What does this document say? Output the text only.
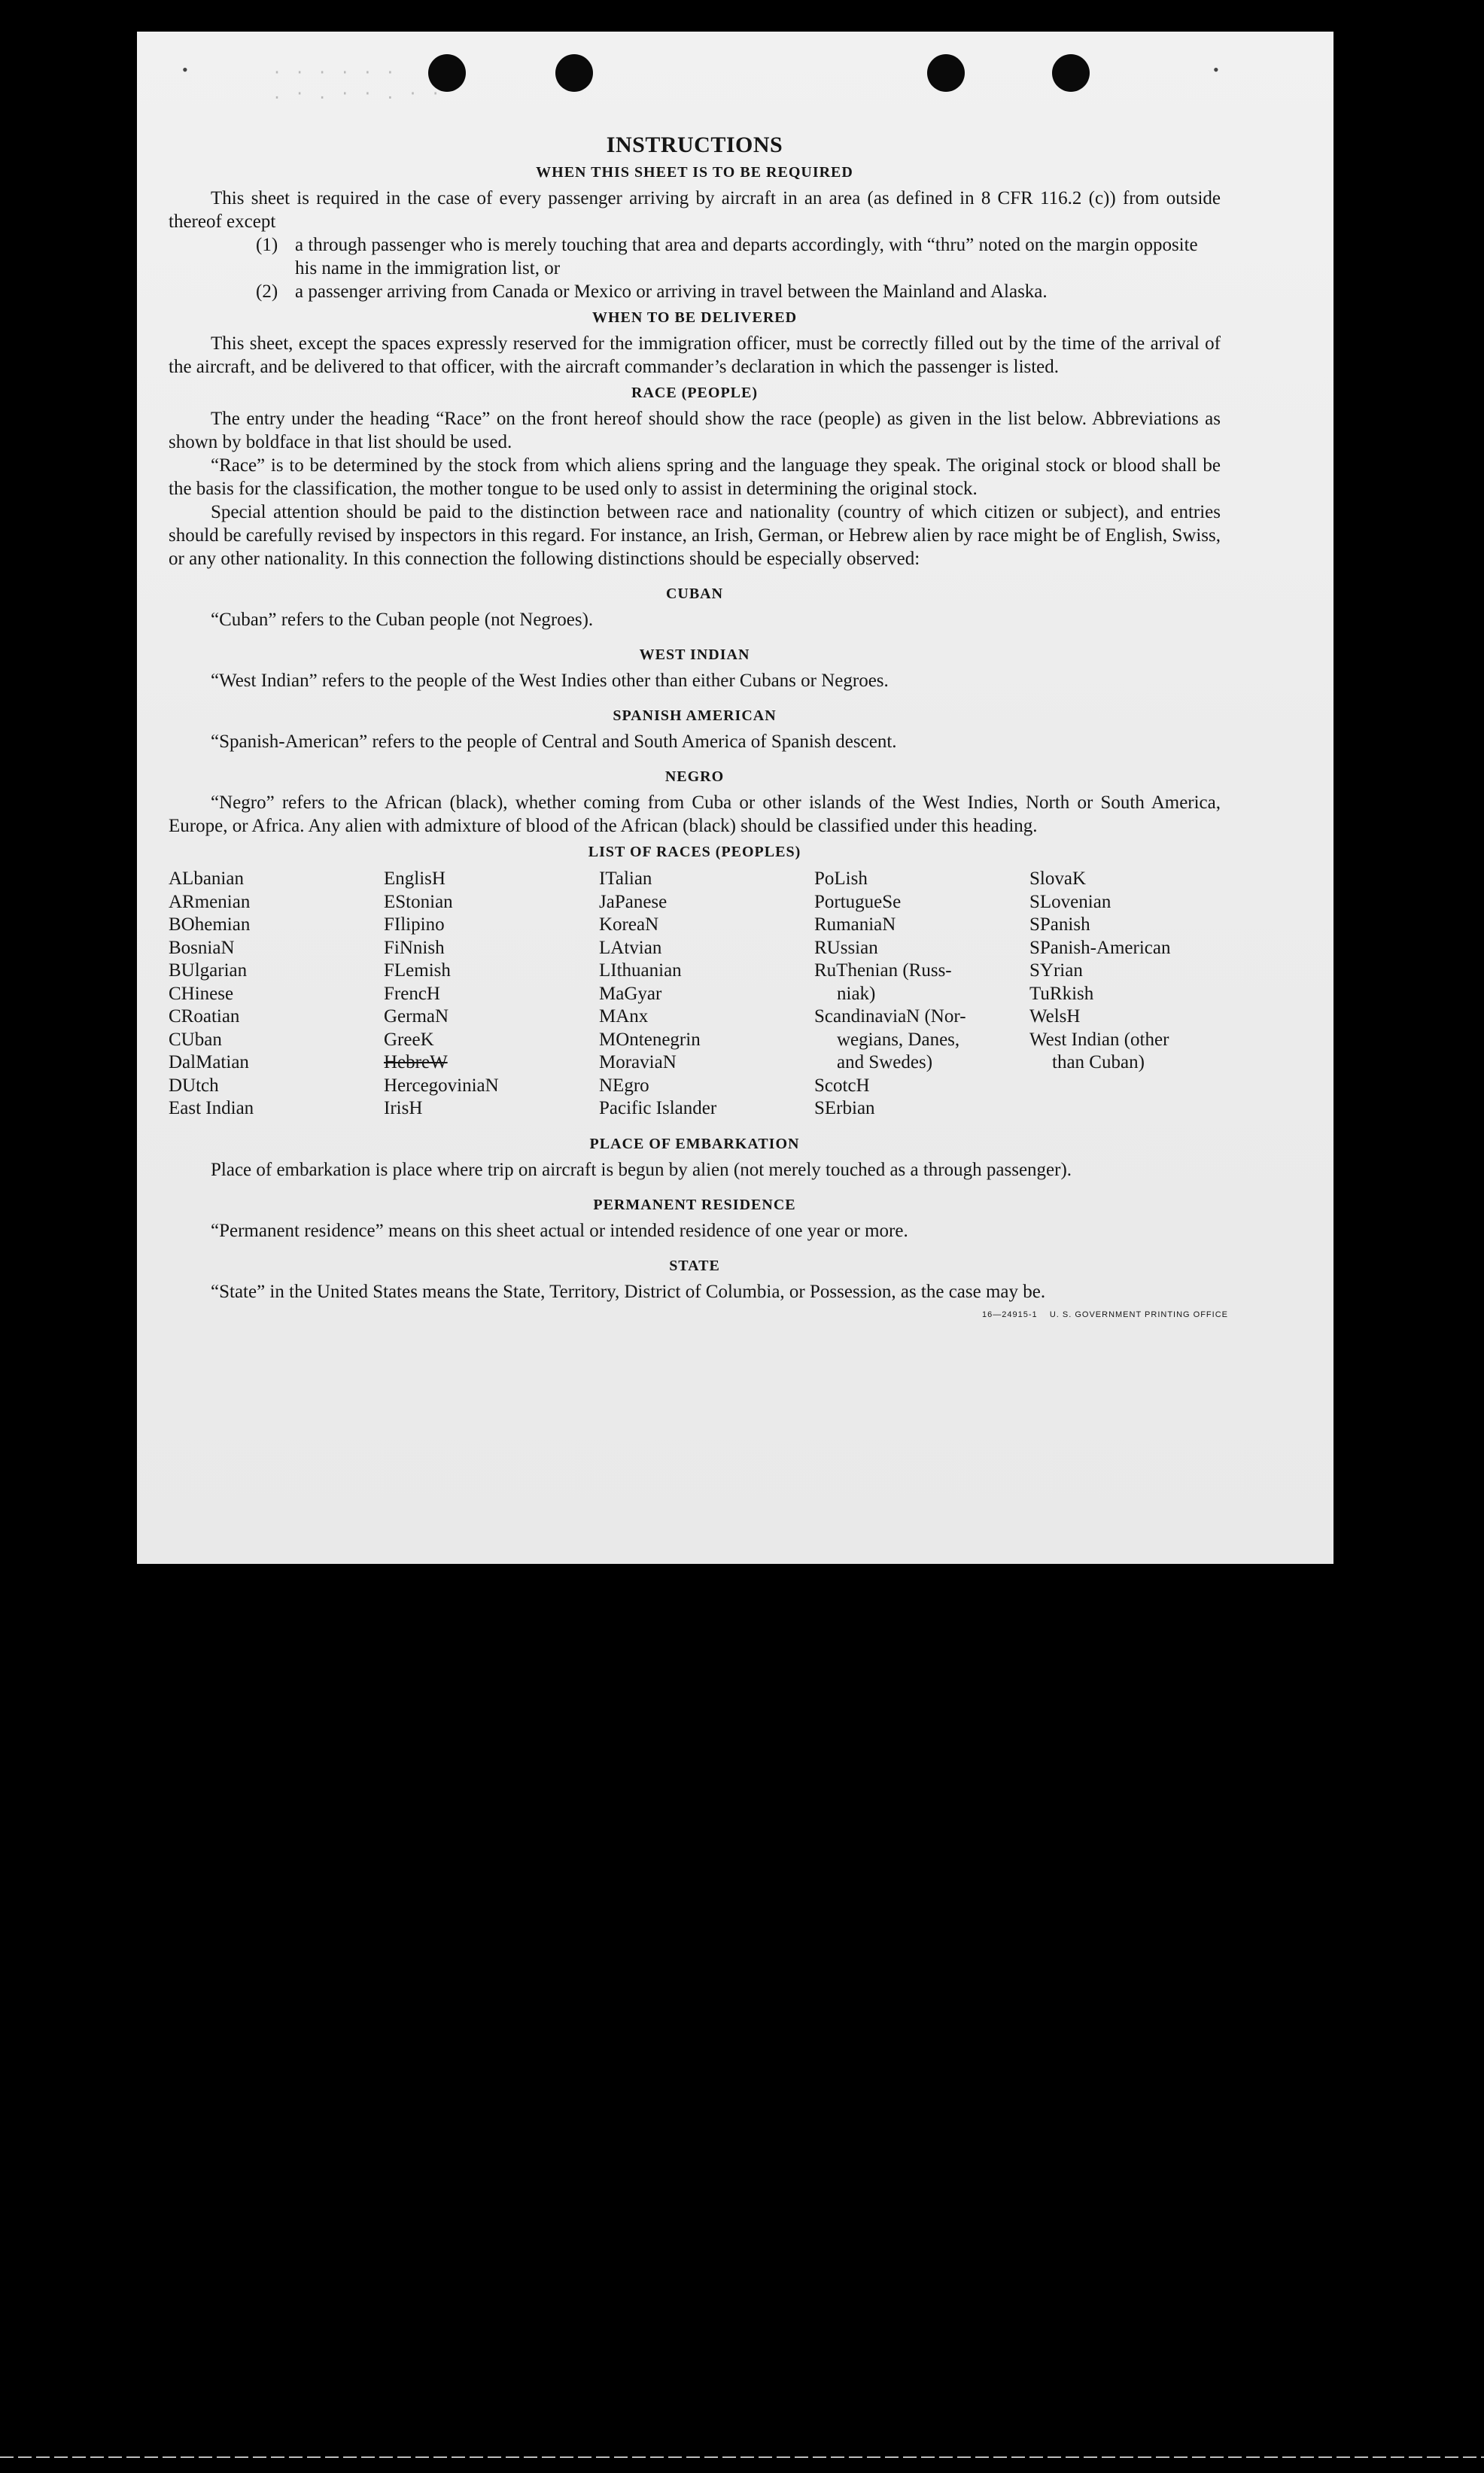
•	•
· · · · · ·
. · . · · . · ·
INSTRUCTIONS
WHEN THIS SHEET IS TO BE REQUIRED

This sheet is required in the case of every passenger arriving by aircraft in an area (as defined in 8 CFR 116.2 (c)) from outside thereof except

(1) a through passenger who is merely touching that area and departs accordingly, with “thru” noted on the margin opposite his name in the immigration list, or
(2) a passenger arriving from Canada or Mexico or arriving in travel between the Mainland and Alaska.
WHEN TO BE DELIVERED

This sheet, except the spaces expressly reserved for the immigration officer, must be correctly filled out by the time of the arrival of the aircraft, and be delivered to that officer, with the aircraft commander’s declaration in which the passenger is listed.

RACE (PEOPLE)

The entry under the heading “Race” on the front hereof should show the race (people) as given in the list below. Abbreviations as shown by boldface in that list should be used.

“Race” is to be determined by the stock from which aliens spring and the language they speak. The original stock or blood shall be the basis for the classification, the mother tongue to be used only to assist in determining the original stock.

Special attention should be paid to the distinction between race and nationality (country of which citizen or subject), and entries should be carefully revised by inspectors in this regard. For instance, an Irish, German, or Hebrew alien by race might be of English, Swiss, or any other nationality. In this connection the following distinctions should be especially observed:

CUBAN

“Cuban” refers to the Cuban people (not Negroes).

WEST INDIAN

“West Indian” refers to the people of the West Indies other than either Cubans or Negroes.

SPANISH AMERICAN

“Spanish-American” refers to the people of Central and South America of Spanish descent.

NEGRO

“Negro” refers to the African (black), whether coming from Cuba or other islands of the West Indies, North or South America, Europe, or Africa. Any alien with admixture of blood of the African (black) should be classified under this heading.

LIST OF RACES (PEOPLES)
ALbanian
ARmenian
BOhemian
BosniaN
BUlgarian
CHinese
CRoatian
CUban
DalMatian
DUtch
East Indian
EnglisH
EStonian
FIlipino
FiNnish
FLemish
FrencH
GermaN
GreeK
HebreW
HercegoviniaN
IrisH
ITalian
JaPanese
KoreaN
LAtvian
LIthuanian
MaGyar
MAnx
MOntenegrin
MoraviaN
NEgro
Pacific Islander
PoLish
PortugueSe
RumaniaN
RUssian
RuThenian (Russ-
niak)
ScandinaviaN (Nor-
wegians, Danes,
and Swedes)
ScotcH
SErbian
SlovaK
SLovenian
SPanish
SPanish-American
SYrian
TuRkish
WelsH
West Indian (other
than Cuban)
PLACE OF EMBARKATION

Place of embarkation is place where trip on aircraft is begun by alien (not merely touched as a through passenger).

PERMANENT RESIDENCE

“Permanent residence” means on this sheet actual or intended residence of one year or more.

STATE

“State” in the United States means the State, Territory, District of Columbia, or Possession, as the case may be.

16—24915-1 U. S. GOVERNMENT PRINTING OFFICE
